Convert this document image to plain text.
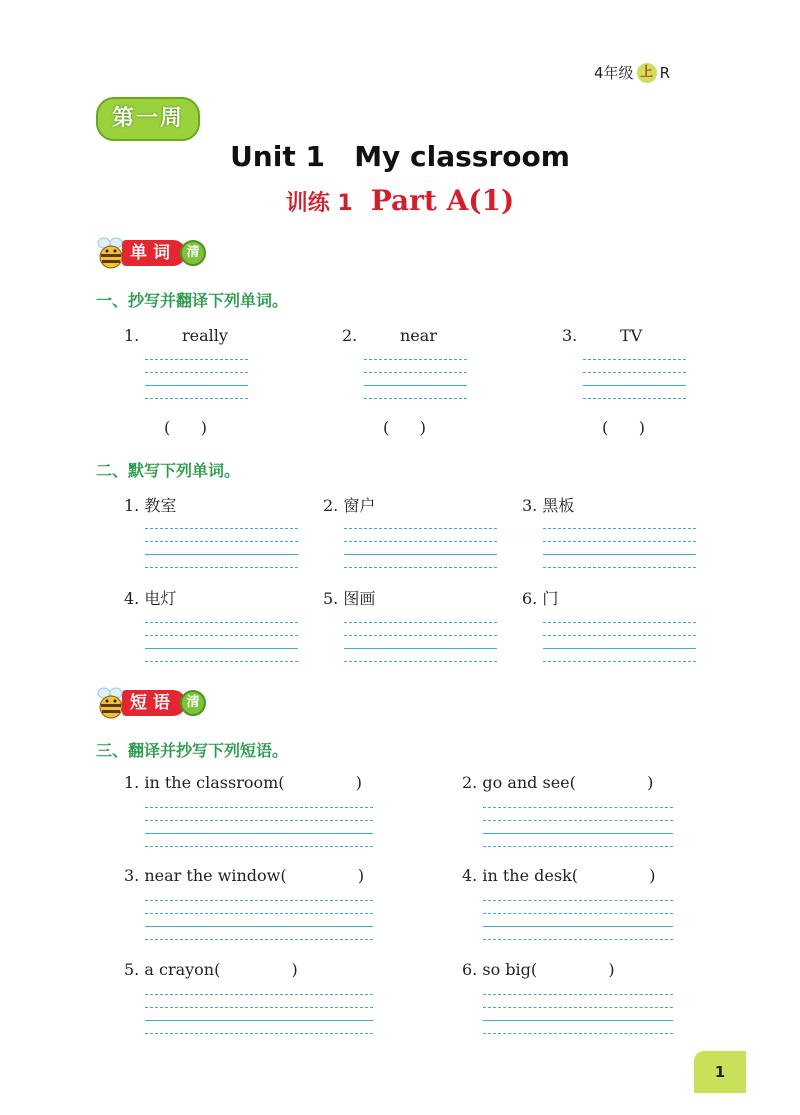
4年级 上 R
第一周
Unit 1   My classroom
训练 1 Part A(1)
单词 清
一、抄写并翻译下列单词。
1.	really	2.	near	3.	TV
(      )	(      )	(      )
二、默写下列单词。
1. 教室	2. 窗户	3. 黑板
4. 电灯	5. 图画	6. 门
短语 清
三、翻译并抄写下列短语。
1. in the classroom(              )	2. go and see(              )
3. near the window(              )	4. in the desk(              )
5. a crayon(              )	6. so big(              )
1
